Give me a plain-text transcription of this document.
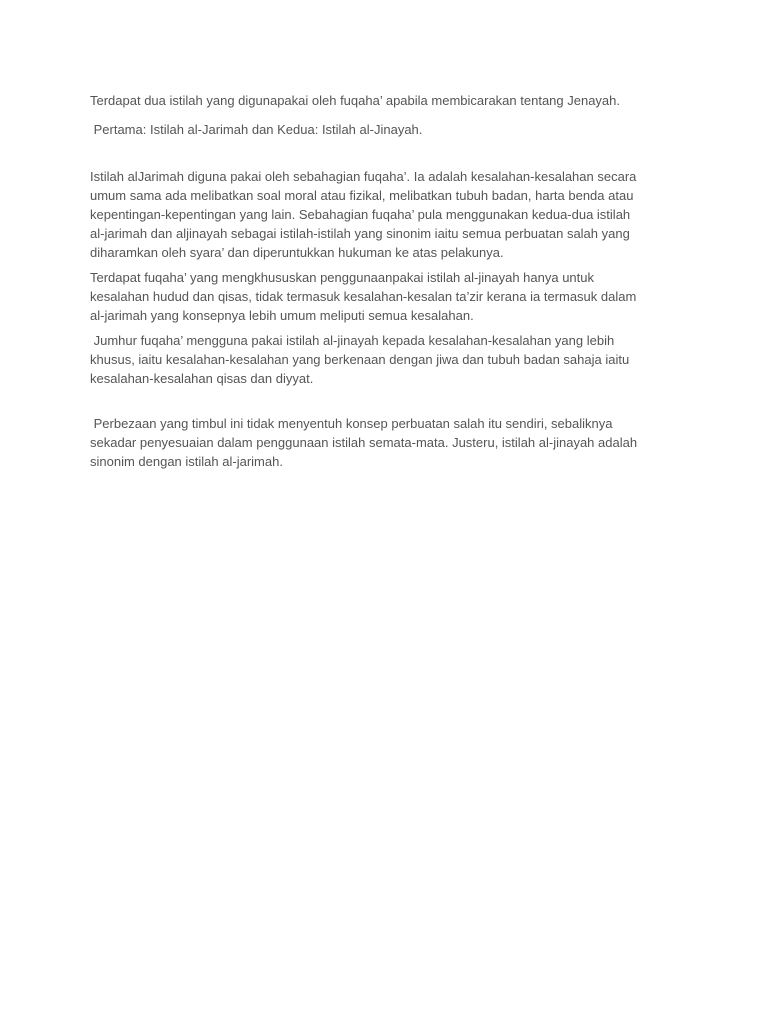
Terdapat dua istilah yang digunapakai oleh fuqaha’ apabila membicarakan tentang Jenayah.

Pertama: Istilah al-Jarimah dan Kedua: Istilah al-Jinayah.

Istilah alJarimah diguna pakai oleh sebahagian fuqaha’. Ia adalah kesalahan-kesalahan secara
umum sama ada melibatkan soal moral atau fizikal, melibatkan tubuh badan, harta benda atau
kepentingan-kepentingan yang lain. Sebahagian fuqaha’ pula menggunakan kedua-dua istilah
al-jarimah dan aljinayah sebagai istilah-istilah yang sinonim iaitu semua perbuatan salah yang
diharamkan oleh syara’ dan diperuntukkan hukuman ke atas pelakunya.

Terdapat fuqaha’ yang mengkhususkan penggunaanpakai istilah al-jinayah hanya untuk
kesalahan hudud dan qisas, tidak termasuk kesalahan-kesalan ta’zir kerana ia termasuk dalam
al-jarimah yang konsepnya lebih umum meliputi semua kesalahan.

Jumhur fuqaha’ mengguna pakai istilah al-jinayah kepada kesalahan-kesalahan yang lebih
khusus, iaitu kesalahan-kesalahan yang berkenaan dengan jiwa dan tubuh badan sahaja iaitu
kesalahan-kesalahan qisas dan diyyat.

Perbezaan yang timbul ini tidak menyentuh konsep perbuatan salah itu sendiri, sebaliknya
sekadar penyesuaian dalam penggunaan istilah semata-mata. Justeru, istilah al-jinayah adalah
sinonim dengan istilah al-jarimah.
